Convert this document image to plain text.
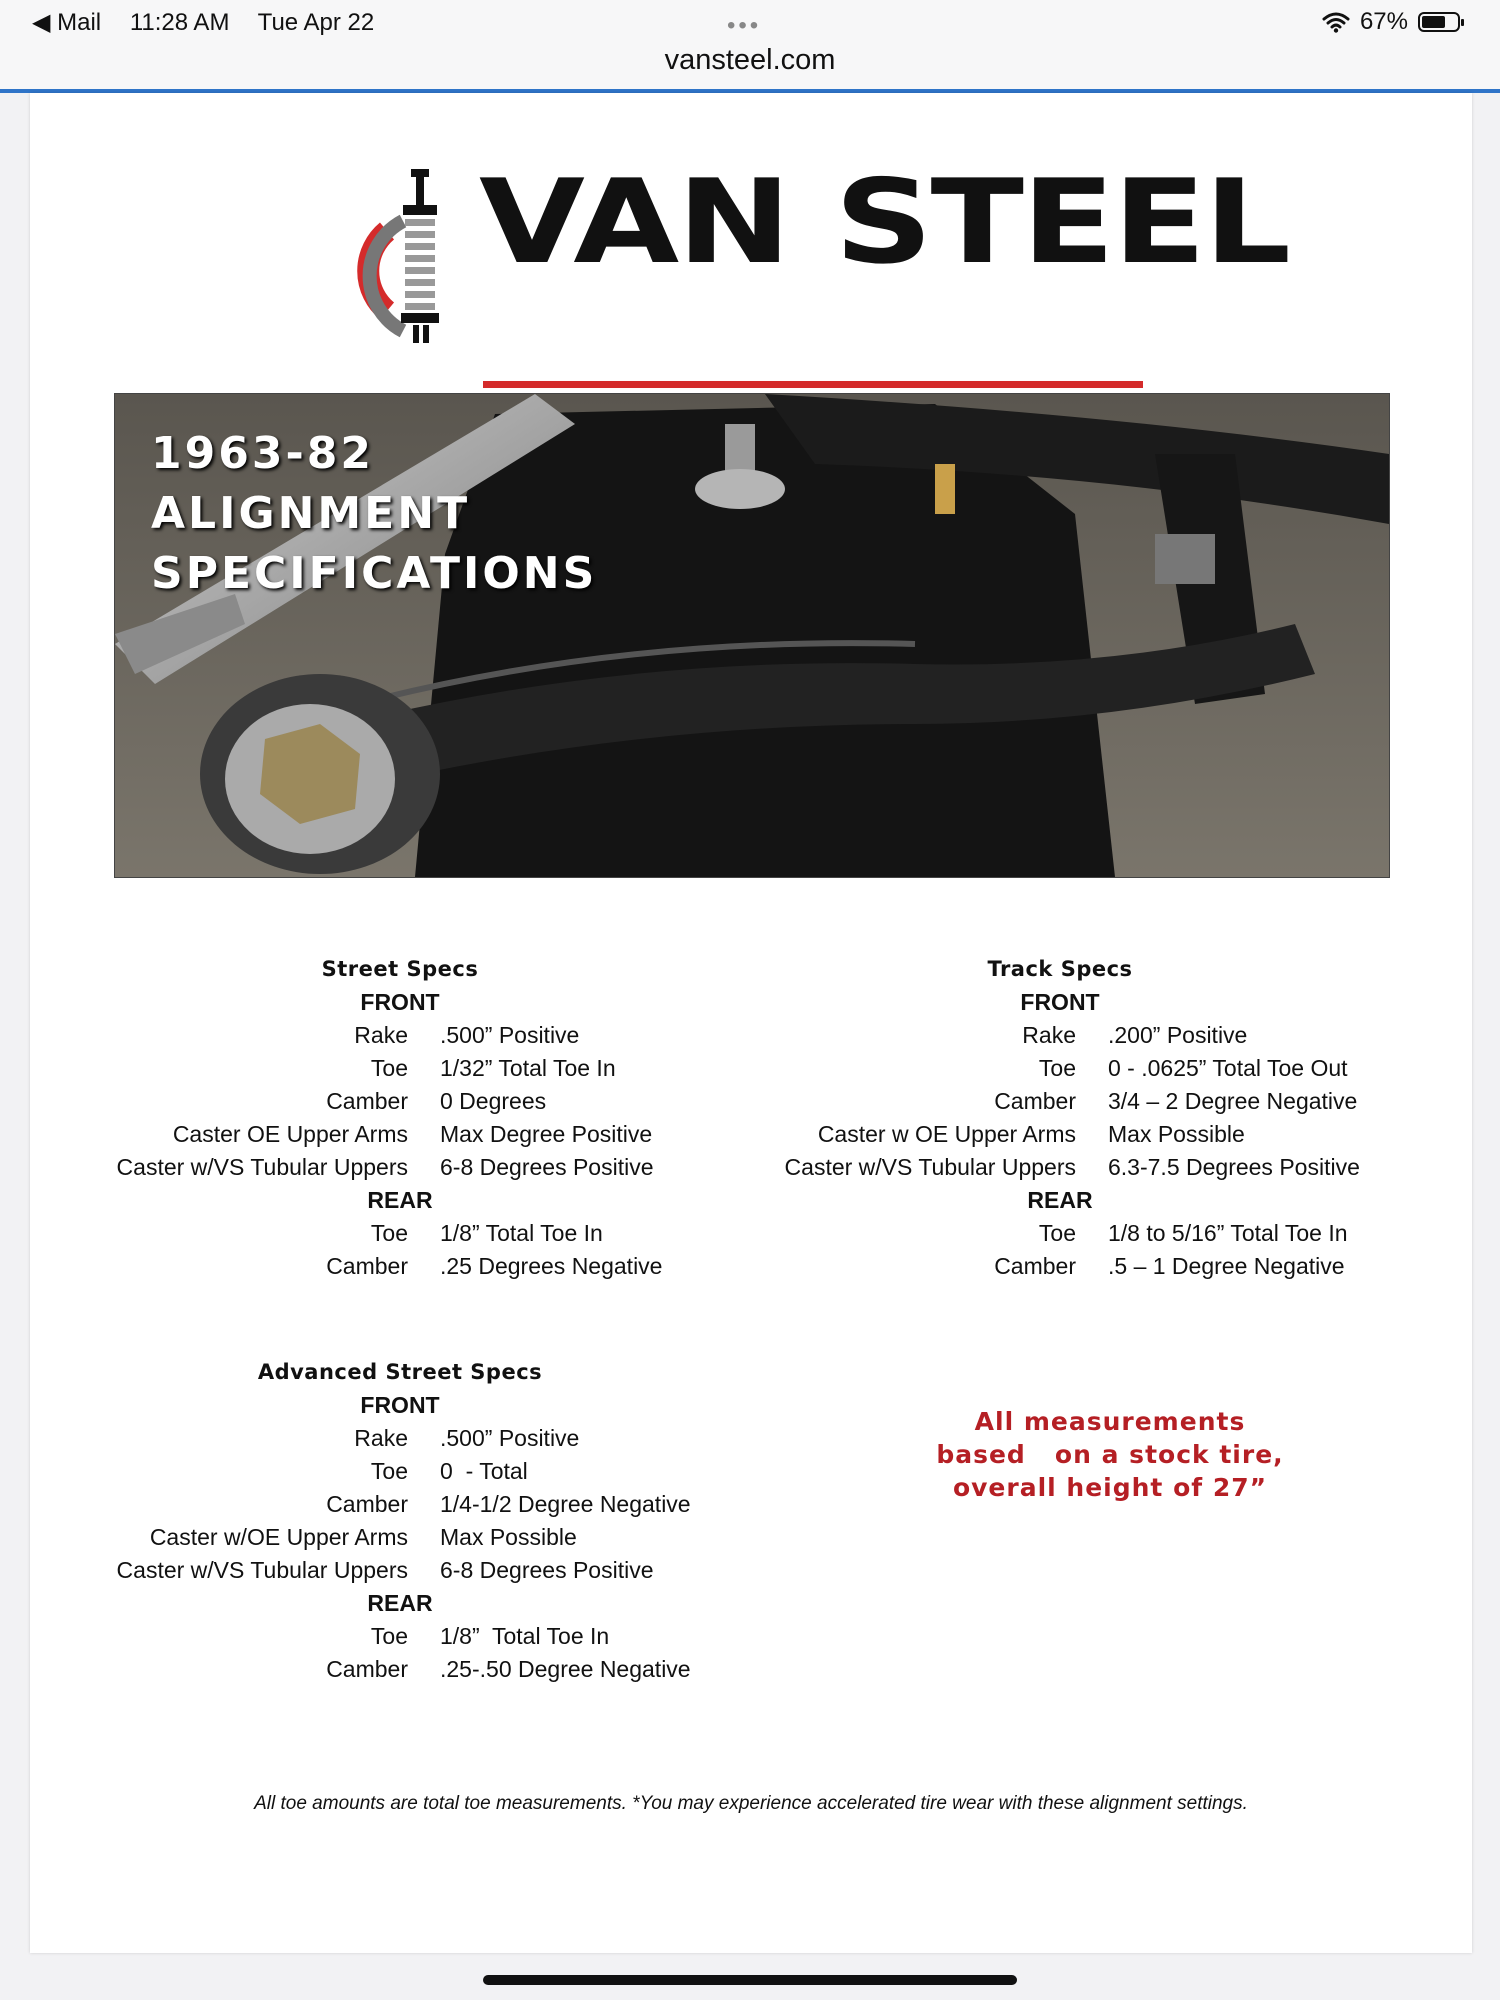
◀ Mail 11:28 AM Tue Apr 22	•••	67%
vansteel.com
VAN STEEL
1963-82
ALIGNMENT
SPECIFICATIONS
Street Specs
FRONT
Rake	.500” Positive
Toe	1/32” Total Toe In
Camber	0 Degrees
Caster OE Upper Arms	Max Degree Positive
Caster w/VS Tubular Uppers	6-8 Degrees Positive
REAR
Toe	1/8” Total Toe In
Camber	.25 Degrees Negative
Track Specs
FRONT
Rake	.200” Positive
Toe	0 - .0625” Total Toe Out
Camber	3/4 – 2 Degree Negative
Caster w OE Upper Arms	Max Possible
Caster w/VS Tubular Uppers	6.3-7.5 Degrees Positive
REAR
Toe	1/8 to 5/16” Total Toe In
Camber	.5 – 1 Degree Negative
Advanced Street Specs
FRONT
Rake	.500” Positive
Toe	0  - Total
Camber	1/4-1/2 Degree Negative
Caster w/OE Upper Arms	Max Possible
Caster w/VS Tubular Uppers	6-8 Degrees Positive
REAR
Toe	1/8”  Total Toe In
Camber	.25-.50 Degree Negative
All measurements
based   on a stock tire,
overall height of 27”
All toe amounts are total toe measurements. *You may experience accelerated tire wear with these alignment settings.
